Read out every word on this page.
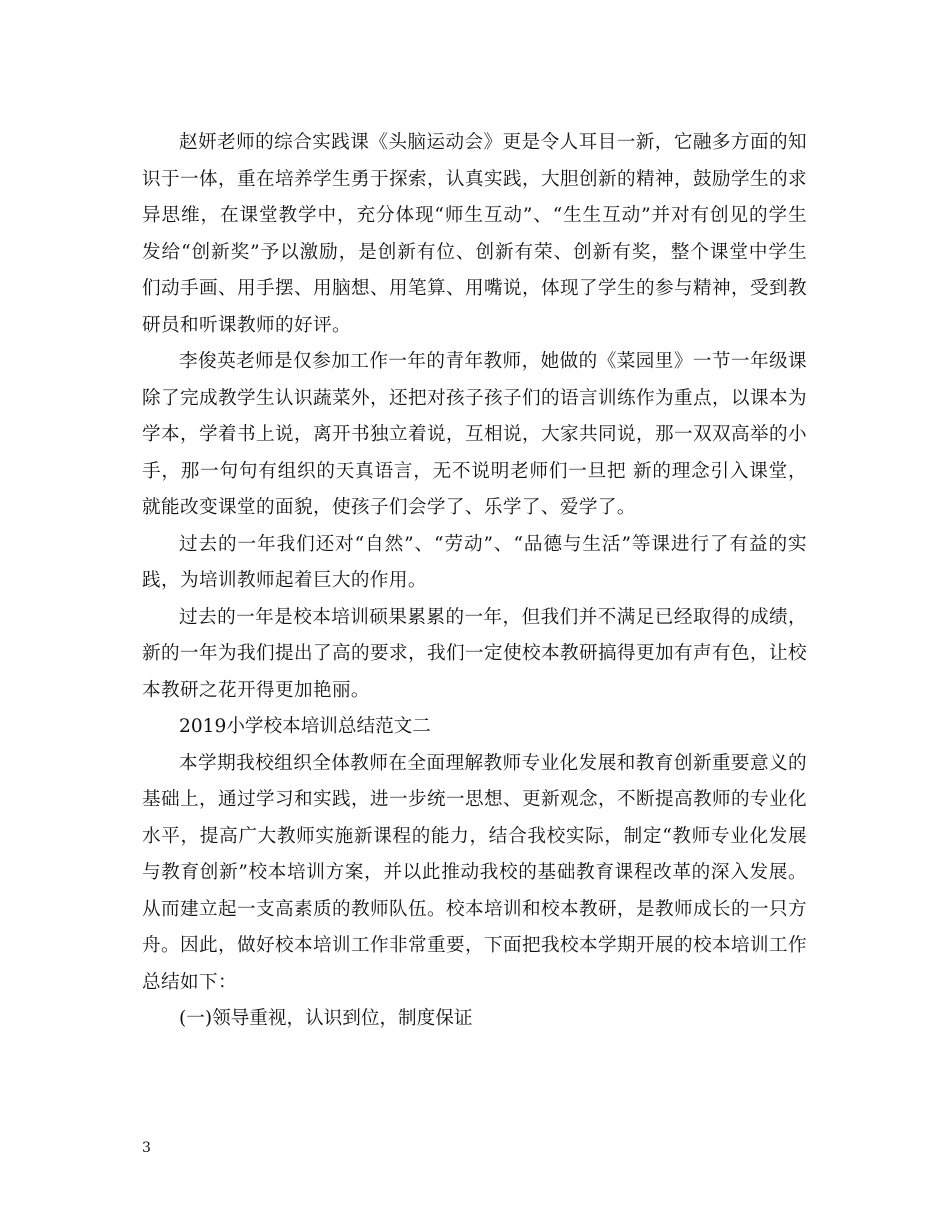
赵妍老师的综合实践课《头脑运动会》更是令人耳目一新，它融多方面的知识于一体，重在培养学生勇于探索，认真实践，大胆创新的精神，鼓励学生的求异思维，在课堂教学中，充分体现“师生互动”、“生生互动”并对有创见的学生发给“创新奖”予以激励，是创新有位、创新有荣、创新有奖，整个课堂中学生们动手画、用手摆、用脑想、用笔算、用嘴说，体现了学生的参与精神，受到教研员和听课教师的好评。

李俊英老师是仅参加工作一年的青年教师，她做的《菜园里》一节一年级课除了完成教学生认识蔬菜外，还把对孩子孩子们的语言训练作为重点，以课本为学本，学着书上说，离开书独立着说，互相说，大家共同说，那一双双高举的小手，那一句句有组织的天真语言，无不说明老师们一旦把 新的理念引入课堂，就能改变课堂的面貌，使孩子们会学了、乐学了、爱学了。

过去的一年我们还对“自然”、“劳动”、“品德与生活”等课进行了有益的实践，为培训教师起着巨大的作用。

过去的一年是校本培训硕果累累的一年，但我们并不满足已经取得的成绩，新的一年为我们提出了高的要求，我们一定使校本教研搞得更加有声有色，让校本教研之花开得更加艳丽。

2019小学校本培训总结范文二

本学期我校组织全体教师在全面理解教师专业化发展和教育创新重要意义的基础上，通过学习和实践，进一步统一思想、更新观念，不断提高教师的专业化水平，提高广大教师实施新课程的能力，结合我校实际，制定“教师专业化发展与教育创新”校本培训方案，并以此推动我校的基础教育课程改革的深入发展。从而建立起一支高素质的教师队伍。校本培训和校本教研，是教师成长的一只方舟。因此，做好校本培训工作非常重要，下面把我校本学期开展的校本培训工作总结如下：

(一)领导重视，认识到位，制度保证

3
